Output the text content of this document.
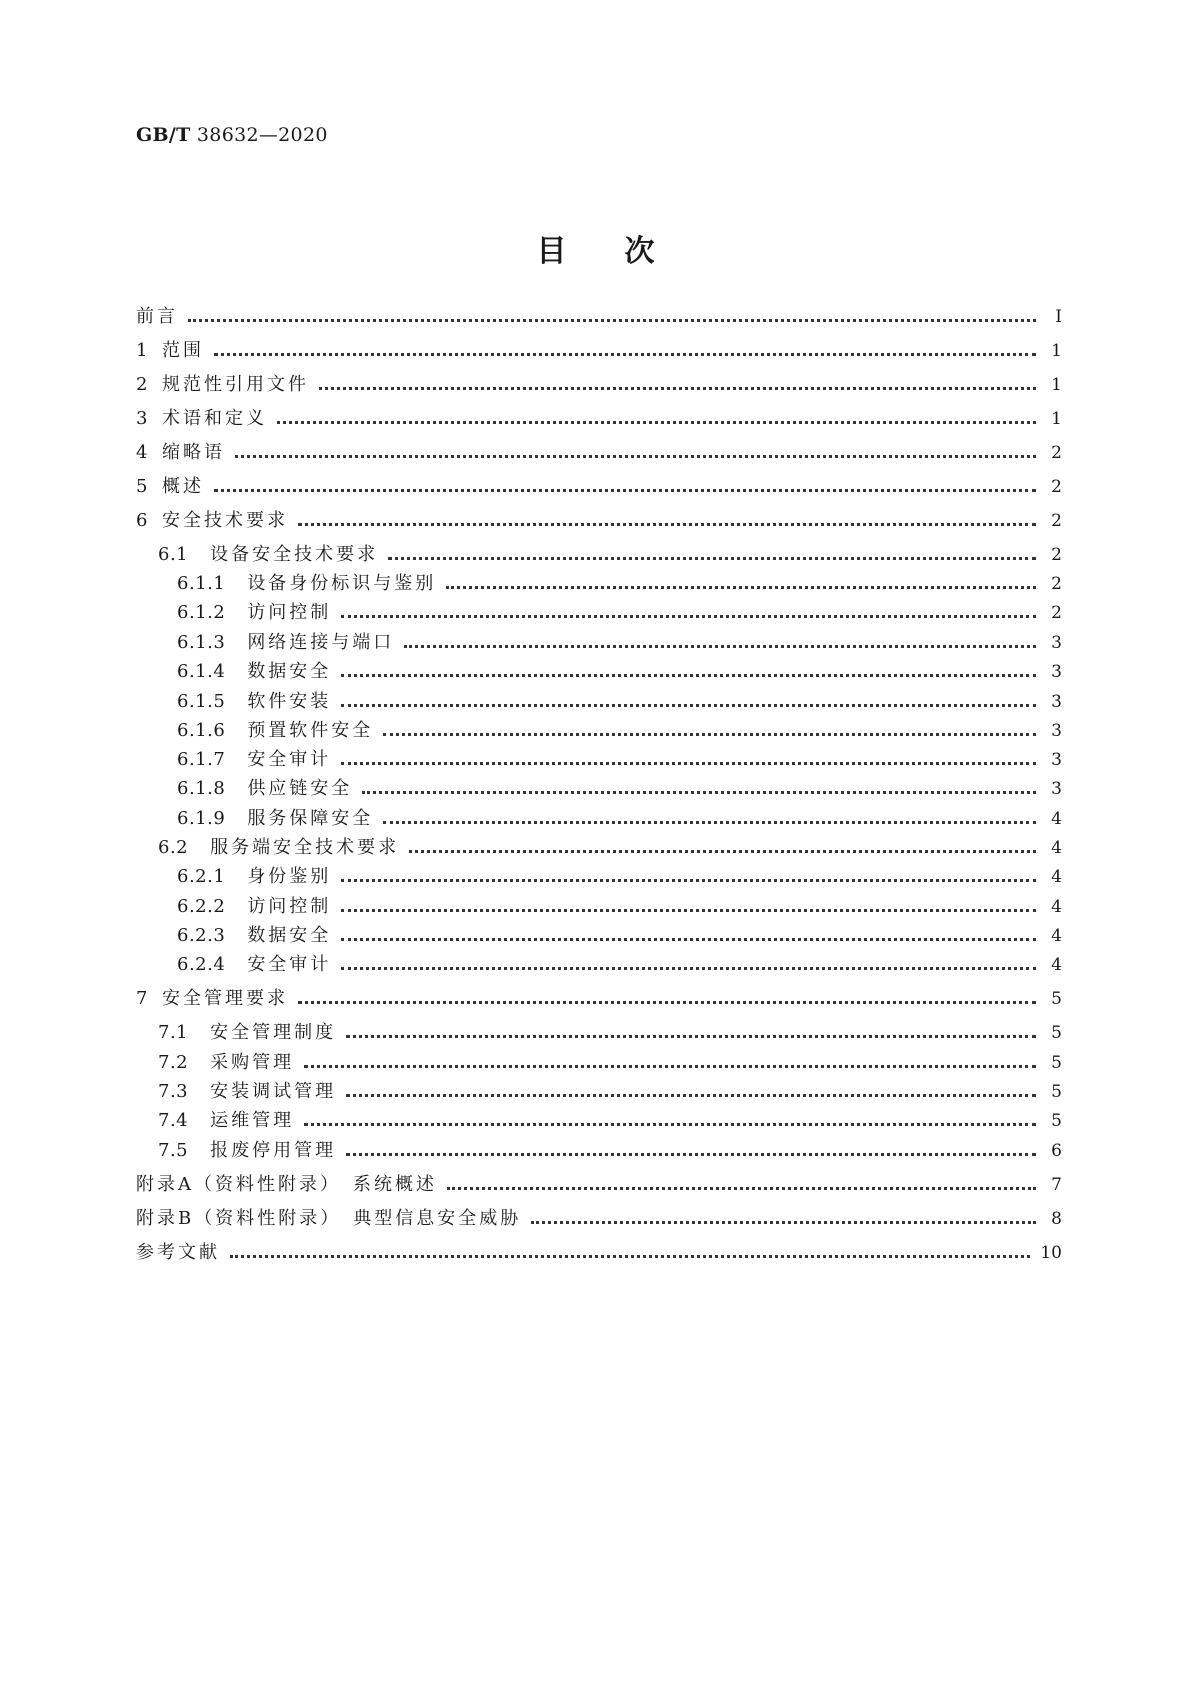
GB/T 38632—2020
目次
前言	Ⅰ
1 范围	1
2 规范性引用文件	1
3 术语和定义	1
4 缩略语	2
5 概述	2
6 安全技术要求	2
6.1 设备安全技术要求	2
6.1.1 设备身份标识与鉴别	2
6.1.2 访问控制	2
6.1.3 网络连接与端口	3
6.1.4 数据安全	3
6.1.5 软件安装	3
6.1.6 预置软件安全	3
6.1.7 安全审计	3
6.1.8 供应链安全	3
6.1.9 服务保障安全	4
6.2 服务端安全技术要求	4
6.2.1 身份鉴别	4
6.2.2 访问控制	4
6.2.3 数据安全	4
6.2.4 安全审计	4
7 安全管理要求	5
7.1 安全管理制度	5
7.2 采购管理	5
7.3 安装调试管理	5
7.4 运维管理	5
7.5 报废停用管理	6
附录A（资料性附录）　系统概述	7
附录B（资料性附录）　典型信息安全威胁	8
参考文献	10
